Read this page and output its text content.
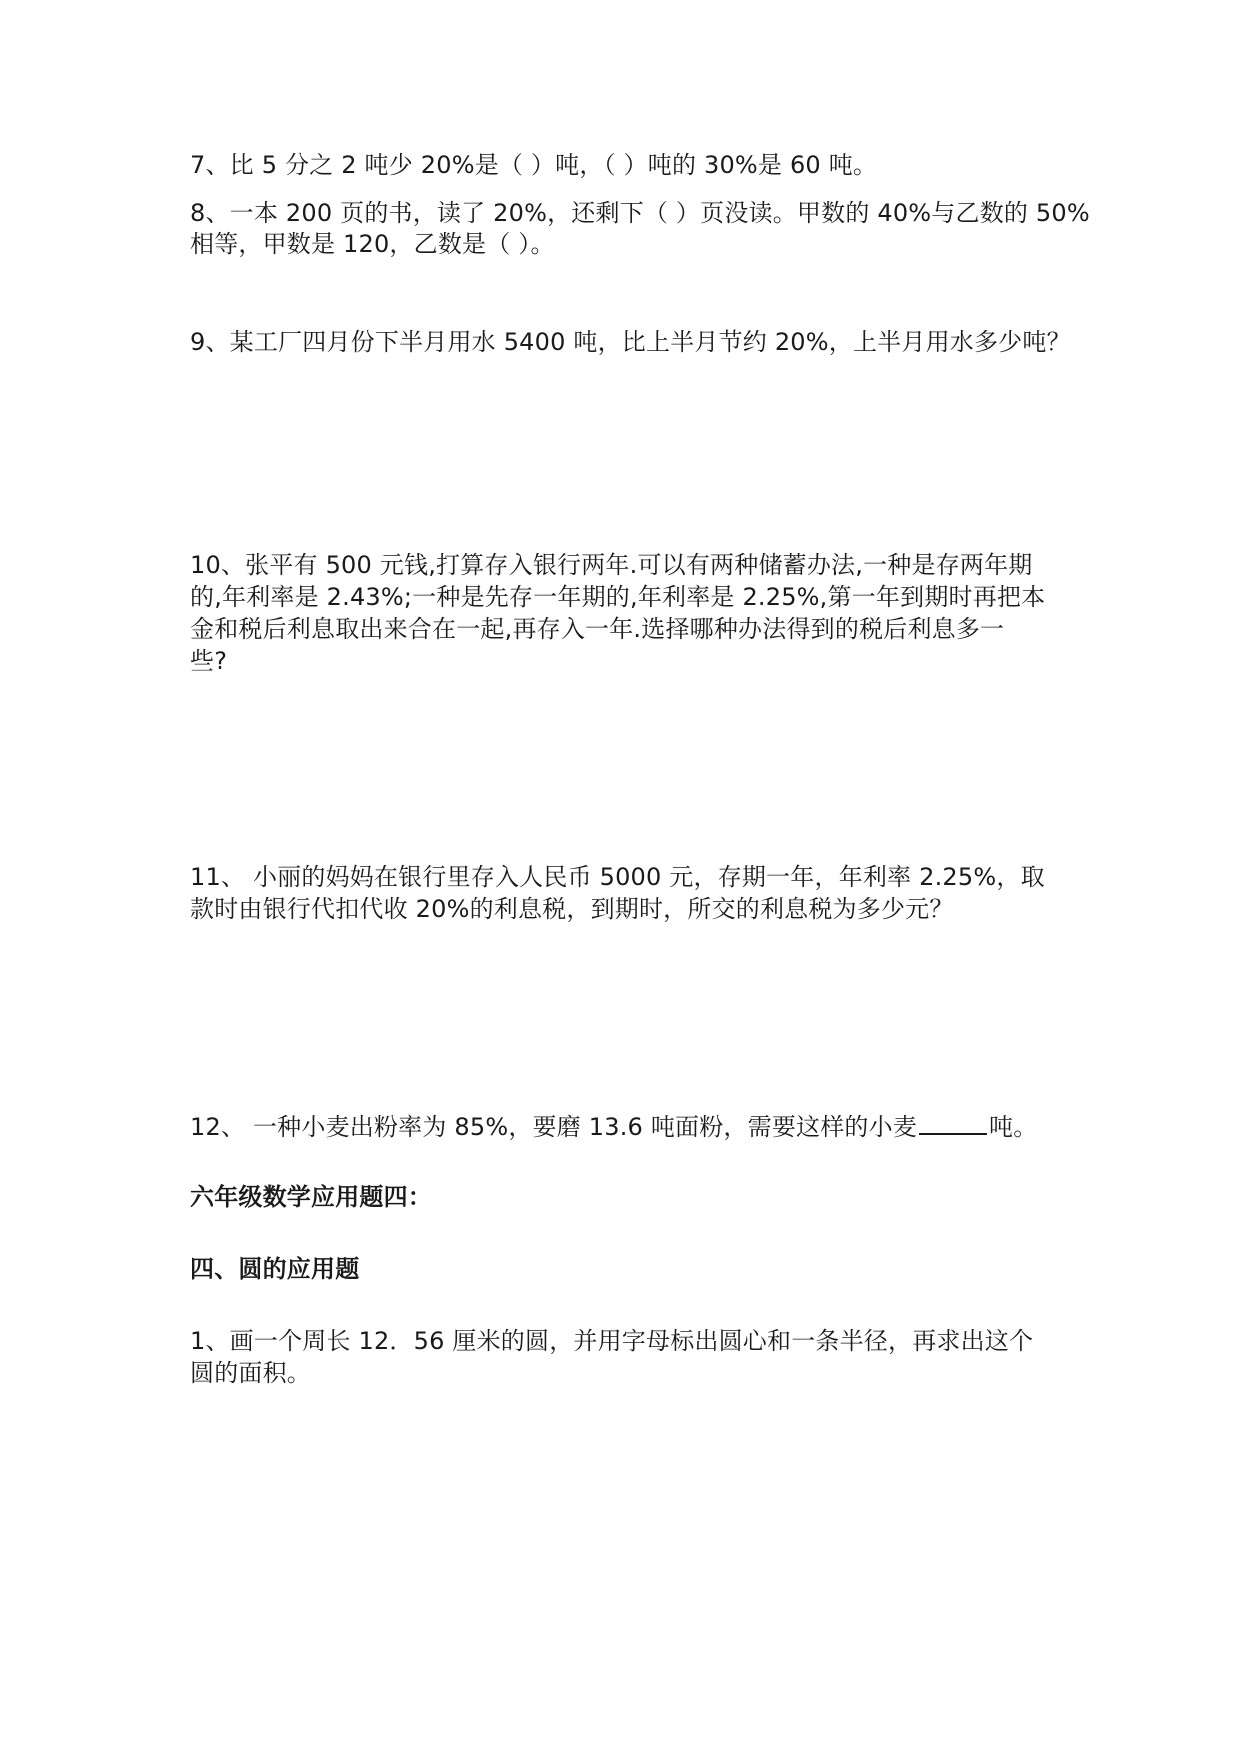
7、比 5 分之 2 吨少 20%是（ ）吨，（ ）吨的 30%是 60 吨。
8、一本 200 页的书，读了 20%，还剩下（ ）页没读。甲数的 40%与乙数的 50%
相等，甲数是 120，乙数是（ ）。
9、某工厂四月份下半月用水 5400 吨，比上半月节约 20%，上半月用水多少吨？
10、张平有 500 元钱,打算存入银行两年.可以有两种储蓄办法,一种是存两年期
的,年利率是 2.43%;一种是先存一年期的,年利率是 2.25%,第一年到期时再把本
金和税后利息取出来合在一起,再存入一年.选择哪种办法得到的税后利息多一
些?
11、 小丽的妈妈在银行里存入人民币 5000 元，存期一年，年利率 2.25%，取
款时由银行代扣代收 20%的利息税，到期时，所交的利息税为多少元？
12、 一种小麦出粉率为 85%，要磨 13.6 吨面粉，需要这样的小麦	吨。
六年级数学应用题四：
四、圆的应用题
1、画一个周长 12．56 厘米的圆，并用字母标出圆心和一条半径，再求出这个
圆的面积。
